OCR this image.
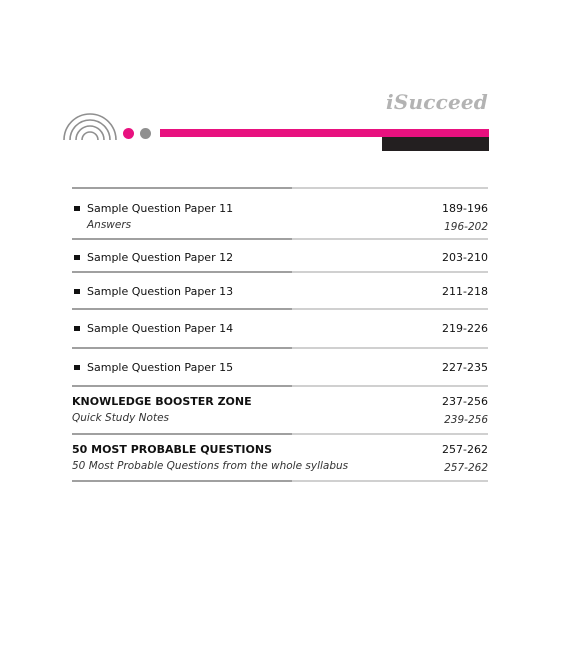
iSucceed
Sample Question Paper 11	189-196
Answers	196-202
Sample Question Paper 12	203-210
Sample Question Paper 13	211-218
Sample Question Paper 14	219-226
Sample Question Paper 15	227-235
KNOWLEDGE BOOSTER ZONE	237-256
Quick Study Notes	239-256
50 MOST PROBABLE QUESTIONS	257-262
50 Most Probable Questions from the whole syllabus	257-262
